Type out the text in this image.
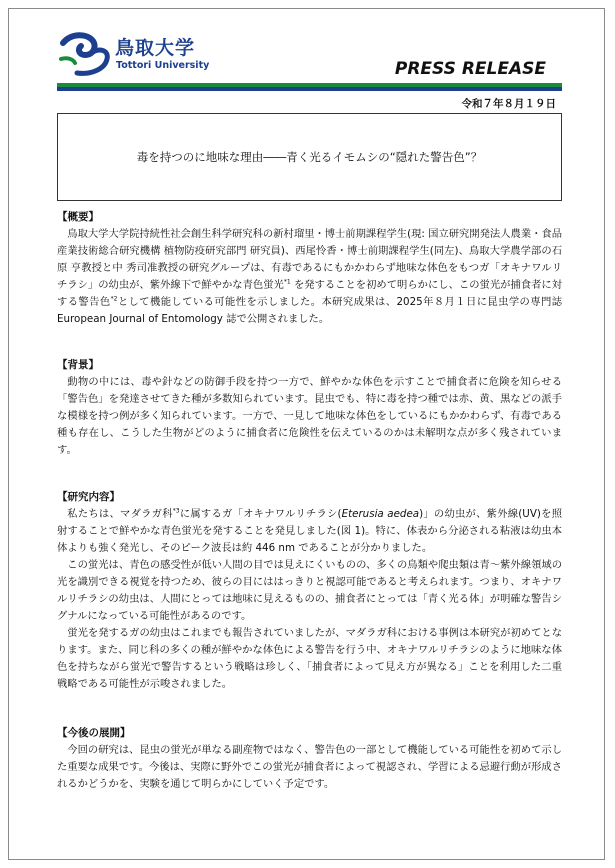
鳥取大学
Tottori University	PRESS RELEASE
令和７年８月１９日
毒を持つのに地味な理由――青く光るイモムシの“隠れた警告色”？
【概要】

鳥取大学大学院持続性社会創生科学研究科の新村瑠里・博士前期課程学生(現: 国立研究開発法人農業・食品産業技術総合研究機構 植物防疫研究部門 研究員)、西尾怜香・博士前期課程学生(同左)、鳥取大学農学部の石原 亨教授と中 秀司准教授の研究グループは、有毒であるにもかかわらず地味な体色をもつガ「オキナワルリチラシ」の幼虫が、紫外線下で鮮やかな青色蛍光$^{*1}$ を発することを初めて明らかにし、この蛍光が捕食者に対する警告色$^{*2}$として機能している可能性を示しました。本研究成果は、2025年８月１日に昆虫学の専門誌 European Journal of Entomology 誌で公開されました。

【背景】

動物の中には、毒や針などの防御手段を持つ一方で、鮮やかな体色を示すことで捕食者に危険を知らせる「警告色」を発達させてきた種が多数知られています。昆虫でも、特に毒を持つ種では赤、黄、黒などの派手な模様を持つ例が多く知られています。一方で、一見して地味な体色をしているにもかかわらず、有毒である種も存在し、こうした生物がどのように捕食者に危険性を伝えているのかは未解明な点が多く残されています。

【研究内容】

私たちは、マダラガ科$^{*3}$に属するガ「オキナワルリチラシ(Eterusia aedea)」の幼虫が、紫外線(UV)を照射することで鮮やかな青色蛍光を発することを発見しました(図 1)。特に、体表から分泌される粘液は幼虫本体よりも強く発光し、そのピーク波長は約 446 nm であることが分かりました。

この蛍光は、青色の感受性が低い人間の目では見えにくいものの、多くの鳥類や爬虫類は青～紫外線領域の光を識別できる視覚を持つため、彼らの目にははっきりと視認可能であると考えられます。つまり、オキナワルリチラシの幼虫は、人間にとっては地味に見えるものの、捕食者にとっては「青く光る体」が明確な警告シグナルになっている可能性があるのです。

蛍光を発するガの幼虫はこれまでも報告されていましたが、マダラガ科における事例は本研究が初めてとなります。また、同じ科の多くの種が鮮やかな体色による警告を行う中、オキナワルリチラシのように地味な体色を持ちながら蛍光で警告するという戦略は珍しく、「捕食者によって見え方が異なる」ことを利用した二重戦略である可能性が示唆されました。

【今後の展開】

今回の研究は、昆虫の蛍光が単なる副産物ではなく、警告色の一部として機能している可能性を初めて示した重要な成果です。今後は、実際に野外でこの蛍光が捕食者によって視認され、学習による忌避行動が形成されるかどうかを、実験を通じて明らかにしていく予定です。
